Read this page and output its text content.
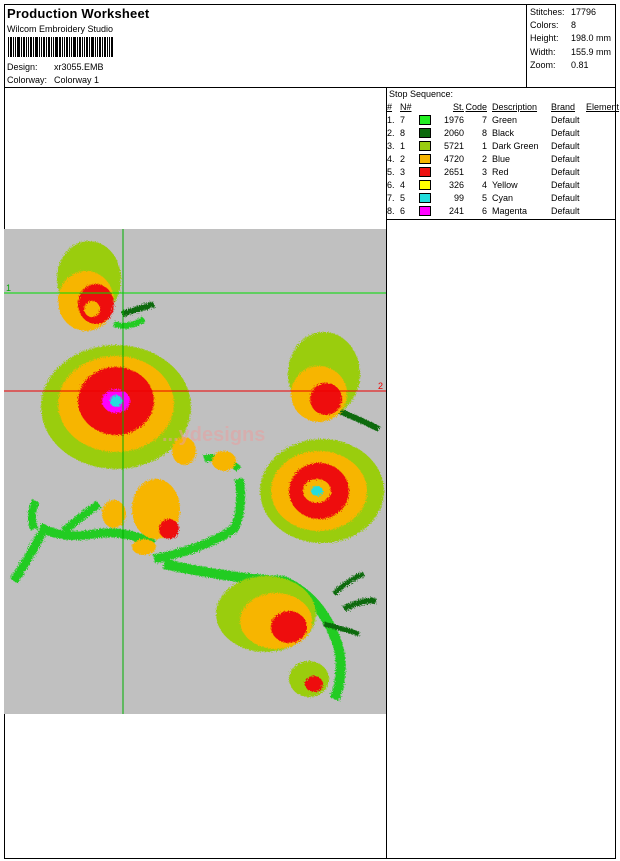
Production Worksheet
Wilcom Embroidery Studio
Design: xr3055.EMB
Colorway: Colorway 1
Stitches: 17796
Colors: 8
Height: 198.0 mm
Width: 155.9 mm
Zoom: 0.81
Stop Sequence:
#	N#		St.	Code	Description	Brand	Element
1.	7		1976	7	Green	Default	
2.	8		2060	8	Black	Default	
3.	1		5721	1	Dark Green	Default	
4.	2		4720	2	Blue	Default	
5.	3		2651	3	Red	Default	
6.	4		326	4	Yellow	Default	
7.	5		99	5	Cyan	Default	
8.	6		241	6	Magenta	Default	
...ydesigns
1
2
